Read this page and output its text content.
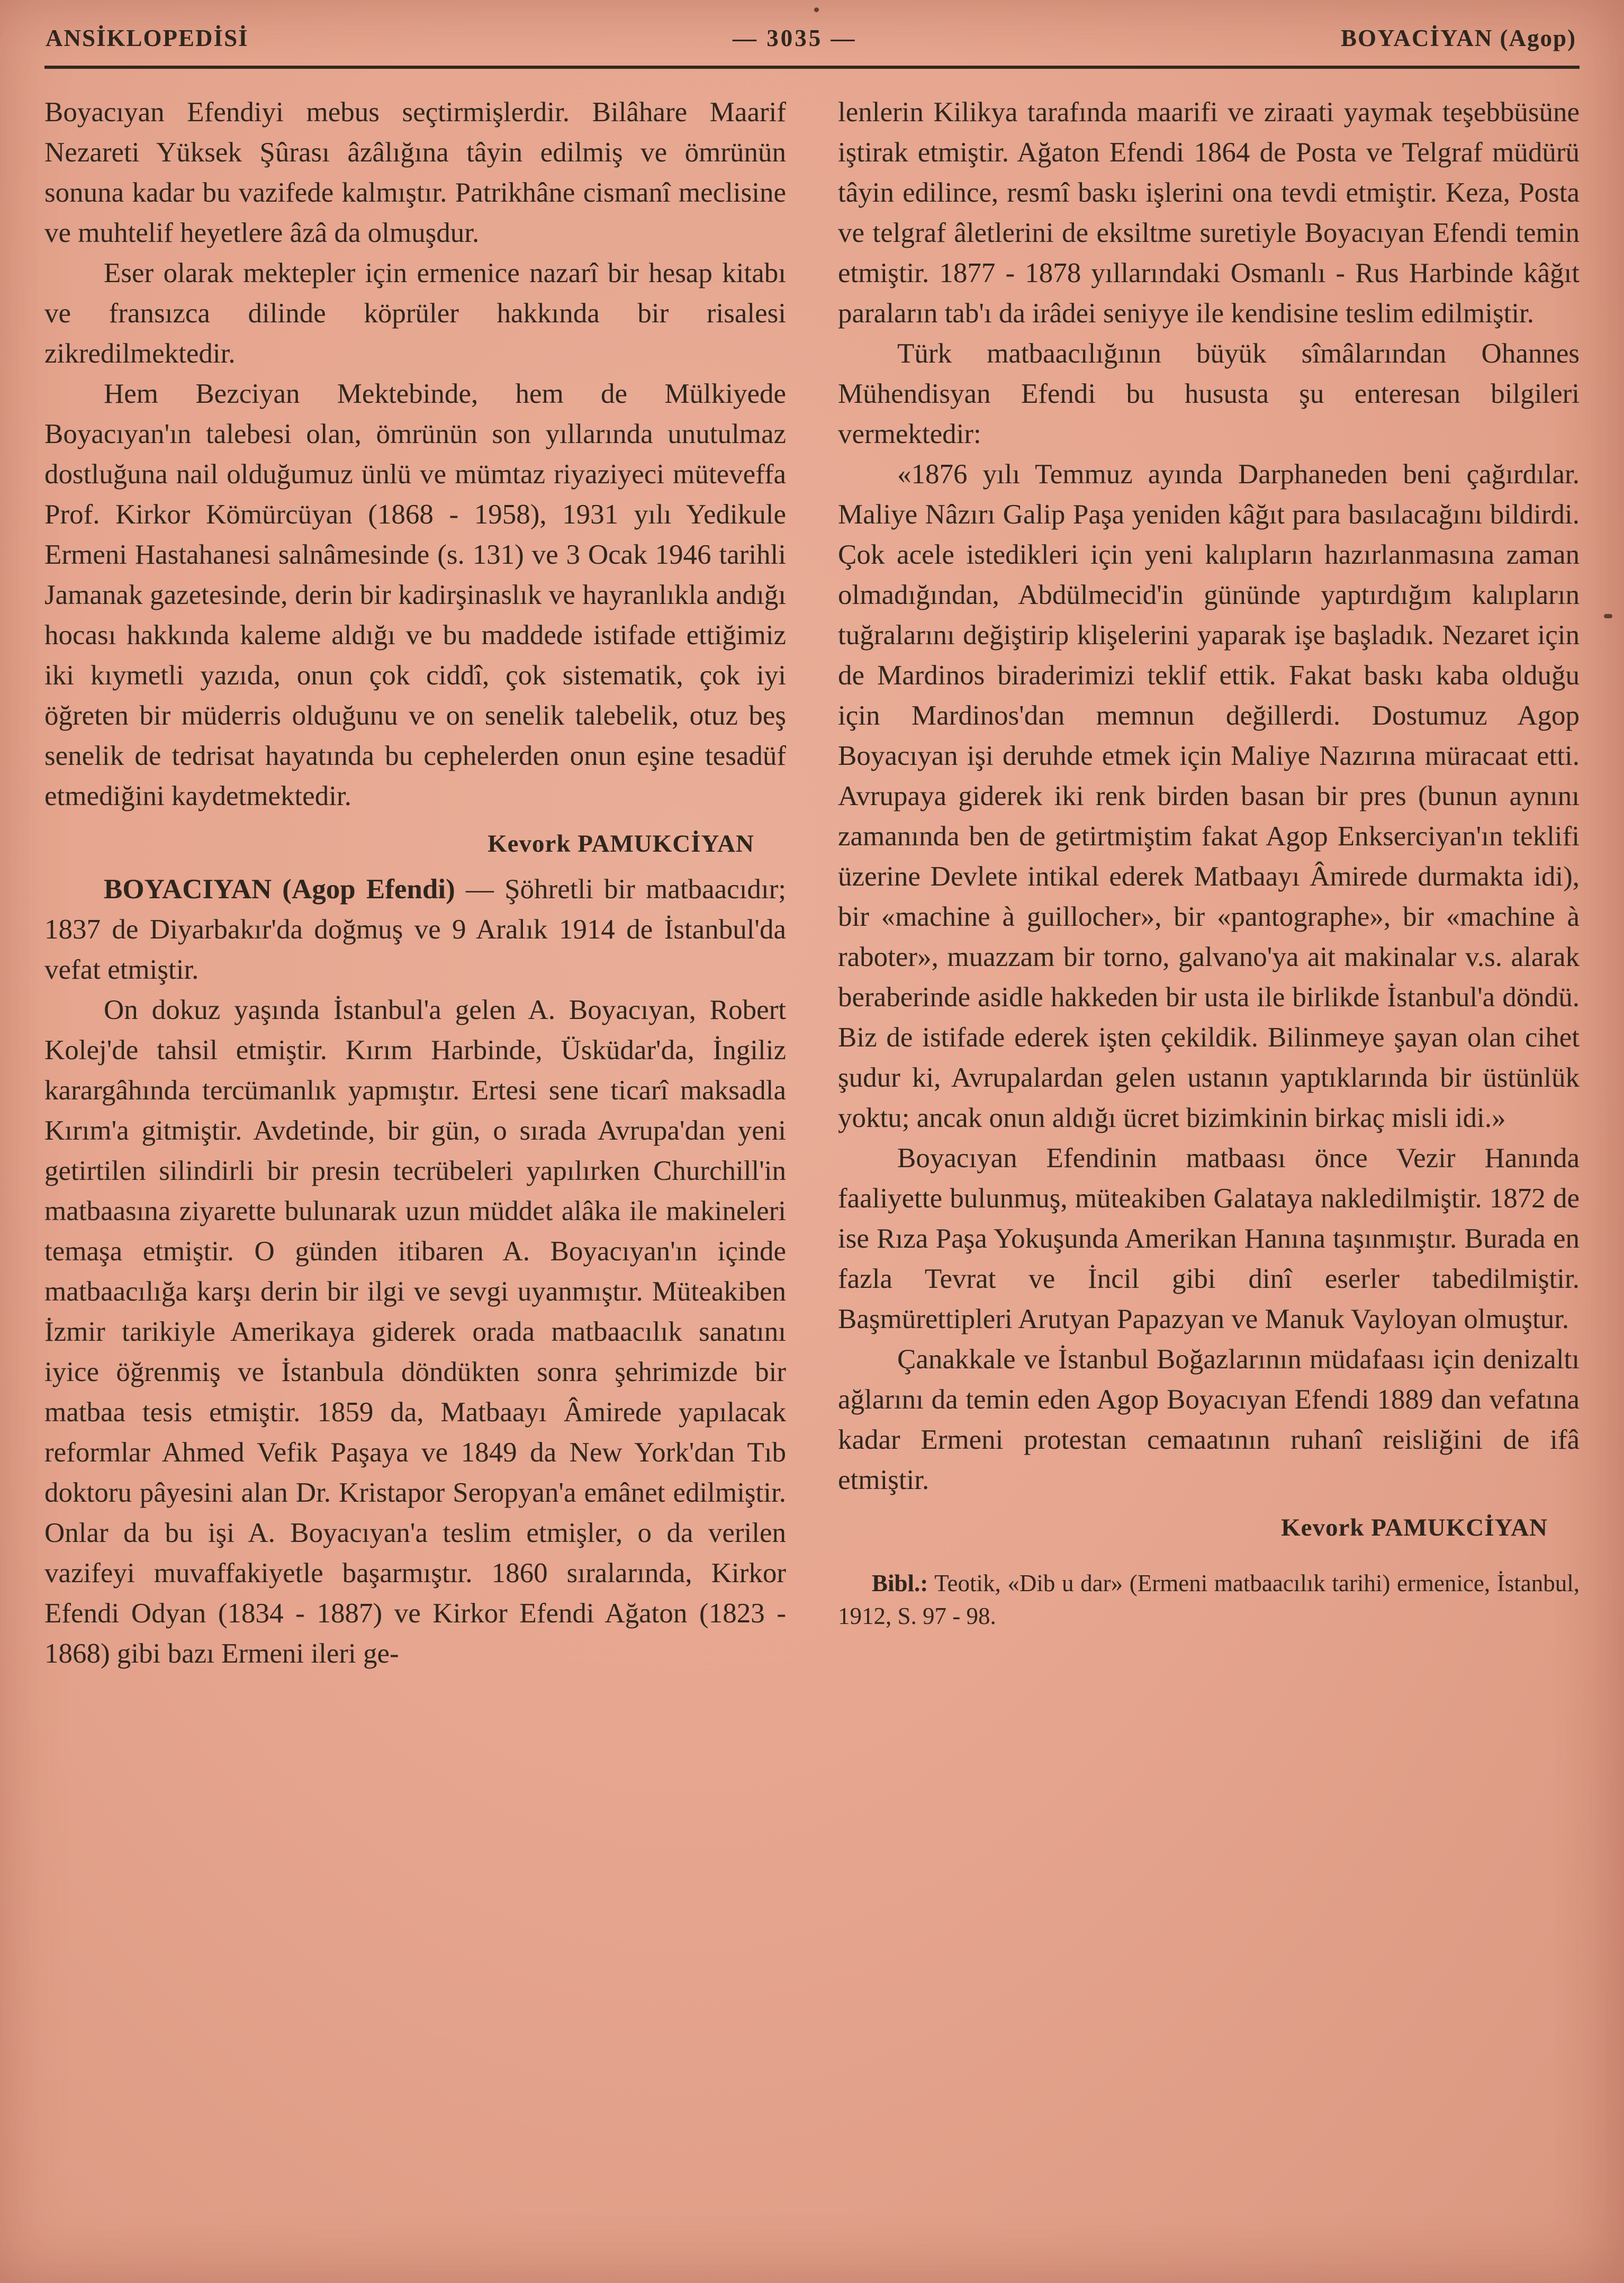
ANSİKLOPEDİSİ	— 3035 —	BOYACİYAN (Agop)

Boyacıyan Efendiyi mebus seçtirmişlerdir. Bilâhare Maarif Nezareti Yüksek Şûrası âzâlığına tâyin edilmiş ve ömrünün sonuna kadar bu vazifede kalmıştır. Patrikhâne cismanî meclisine ve muhtelif heyetlere âzâ da olmuşdur.

Eser olarak mektepler için ermenice nazarî bir hesap kitabı ve fransızca dilinde köprüler hakkında bir risalesi zikredilmektedir.

Hem Bezciyan Mektebinde, hem de Mülkiyede Boyacıyan'ın talebesi olan, ömrünün son yıllarında unutulmaz dostluğuna nail olduğumuz ünlü ve mümtaz riyaziyeci müteveffa Prof. Kirkor Kömürcüyan (1868 - 1958), 1931 yılı Yedikule Ermeni Hastahanesi salnâmesinde (s. 131) ve 3 Ocak 1946 tarihli Jamanak gazetesinde, derin bir kadirşinaslık ve hayranlıkla andığı hocası hakkında kaleme aldığı ve bu maddede istifade ettiğimiz iki kıymetli yazıda, onun çok ciddî, çok sistematik, çok iyi öğreten bir müderris olduğunu ve on senelik talebelik, otuz beş senelik de tedrisat hayatında bu cephelerden onun eşine tesadüf etmediğini kaydetmektedir.

Kevork PAMUKCİYAN

BOYACIYAN (Agop Efendi) — Şöhretli bir matbaacıdır; 1837 de Diyarbakır'da doğmuş ve 9 Aralık 1914 de İstanbul'da vefat etmiştir.

On dokuz yaşında İstanbul'a gelen A. Boyacıyan, Robert Kolej'de tahsil etmiştir. Kırım Harbinde, Üsküdar'da, İngiliz karargâhında tercümanlık yapmıştır. Ertesi sene ticarî maksadla Kırım'a gitmiştir. Avdetinde, bir gün, o sırada Avrupa'dan yeni getirtilen silindirli bir presin tecrübeleri yapılırken Churchill'in matbaasına ziyarette bulunarak uzun müddet alâka ile makineleri temaşa etmiştir. O günden itibaren A. Boyacıyan'ın içinde matbaacılığa karşı derin bir ilgi ve sevgi uyanmıştır. Müteakiben İzmir tarikiyle Amerikaya giderek orada matbaacılık sanatını iyice öğrenmiş ve İstanbula döndükten sonra şehrimizde bir matbaa tesis etmiştir. 1859 da, Matbaayı Âmirede yapılacak reformlar Ahmed Vefik Paşaya ve 1849 da New York'dan Tıb doktoru pâyesini alan Dr. Kristapor Seropyan'a emânet edilmiştir. Onlar da bu işi A. Boyacıyan'a teslim etmişler, o da verilen vazifeyi muvaffakiyetle başarmıştır. 1860 sıralarında, Kirkor Efendi Odyan (1834 - 1887) ve Kirkor Efendi Ağaton (1823 - 1868) gibi bazı Ermeni ileri ge-

lenlerin Kilikya tarafında maarifi ve ziraati yaymak teşebbüsüne iştirak etmiştir. Ağaton Efendi 1864 de Posta ve Telgraf müdürü tâyin edilince, resmî baskı işlerini ona tevdi etmiştir. Keza, Posta ve telgraf âletlerini de eksiltme suretiyle Boyacıyan Efendi temin etmiştir. 1877 - 1878 yıllarındaki Osmanlı - Rus Harbinde kâğıt paraların tab'ı da irâdei seniyye ile kendisine teslim edilmiştir.

Türk matbaacılığının büyük sîmâlarından Ohannes Mühendisyan Efendi bu hususta şu enteresan bilgileri vermektedir:

«1876 yılı Temmuz ayında Darphaneden beni çağırdılar. Maliye Nâzırı Galip Paşa yeniden kâğıt para basılacağını bildirdi. Çok acele istedikleri için yeni kalıpların hazırlanmasına zaman olmadığından, Abdülmecid'in gününde yaptırdığım kalıpların tuğralarını değiştirip klişelerini yaparak işe başladık. Nezaret için de Mardinos biraderimizi teklif ettik. Fakat baskı kaba olduğu için Mardinos'dan memnun değillerdi. Dostumuz Agop Boyacıyan işi deruhde etmek için Maliye Nazırına müracaat etti. Avrupaya giderek iki renk birden basan bir pres (bunun aynını zamanında ben de getirtmiştim fakat Agop Enkserciyan'ın teklifi üzerine Devlete intikal ederek Matbaayı Âmirede durmakta idi), bir «machine à guillocher», bir «pantographe», bir «machine à raboter», muazzam bir torno, galvano'ya ait makinalar v.s. alarak beraberinde asidle hakkeden bir usta ile birlikde İstanbul'a döndü. Biz de istifade ederek işten çekildik. Bilinmeye şayan olan cihet şudur ki, Avrupalardan gelen ustanın yaptıklarında bir üstünlük yoktu; ancak onun aldığı ücret bizimkinin birkaç misli idi.»

Boyacıyan Efendinin matbaası önce Vezir Hanında faaliyette bulunmuş, müteakiben Galataya nakledilmiştir. 1872 de ise Rıza Paşa Yokuşunda Amerikan Hanına taşınmıştır. Burada en fazla Tevrat ve İncil gibi dinî eserler tabedilmiştir. Başmürettipleri Arutyan Papazyan ve Manuk Vayloyan olmuştur.

Çanakkale ve İstanbul Boğazlarının müdafaası için denizaltı ağlarını da temin eden Agop Boyacıyan Efendi 1889 dan vefatına kadar Ermeni protestan cemaatının ruhanî reisliğini de ifâ etmiştir.

Kevork PAMUKCİYAN

Bibl.: Teotik, «Dib u dar» (Ermeni matbaacılık tarihi) ermenice, İstanbul, 1912, S. 97 - 98.
